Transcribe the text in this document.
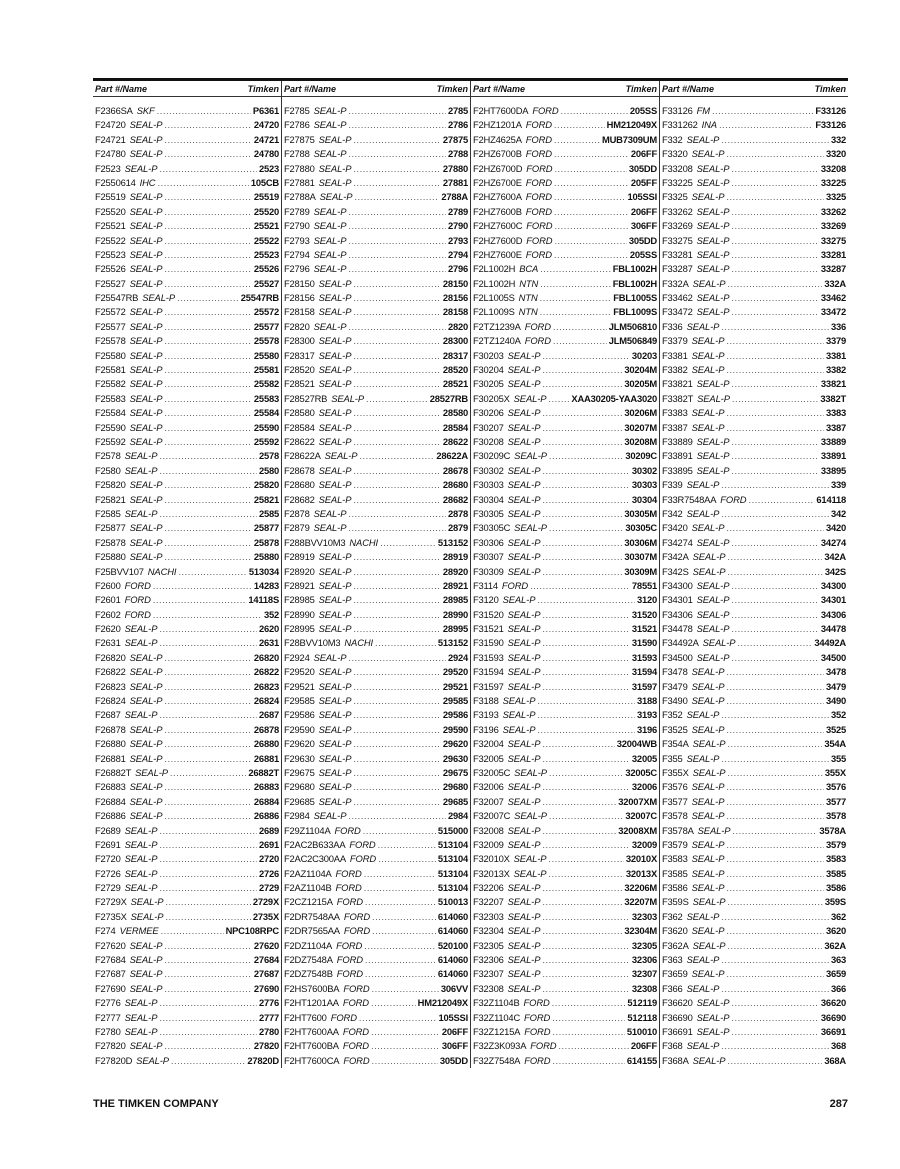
Part #/Name	Timken
F2366SA SKF .....	P6361
F24720 SEAL-P .....	24720
F24721 SEAL-P .....	24721
F24780 SEAL-P .....	24780
F2523 SEAL-P .....	2523
F2550614 IHC .....	105CB
F25519 SEAL-P .....	25519
F25520 SEAL-P .....	25520
F25521 SEAL-P .....	25521
F25522 SEAL-P .....	25522
F25523 SEAL-P .....	25523
F25526 SEAL-P .....	25526
F25527 SEAL-P .....	25527
F25547RB SEAL-P .....	25547RB
F25572 SEAL-P .....	25572
F25577 SEAL-P .....	25577
F25578 SEAL-P .....	25578
F25580 SEAL-P .....	25580
F25581 SEAL-P .....	25581
F25582 SEAL-P .....	25582
F25583 SEAL-P .....	25583
F25584 SEAL-P .....	25584
F25590 SEAL-P .....	25590
F25592 SEAL-P .....	25592
F2578 SEAL-P .....	2578
F2580 SEAL-P .....	2580
F25820 SEAL-P .....	25820
F25821 SEAL-P .....	25821
F2585 SEAL-P .....	2585
F25877 SEAL-P .....	25877
F25878 SEAL-P .....	25878
F25880 SEAL-P .....	25880
F25BVV107 NACHI .....	513034
F2600 FORD .....	14283
F2601 FORD .....	14118S
F2602 FORD .....	352
F2620 SEAL-P .....	2620
F2631 SEAL-P .....	2631
F26820 SEAL-P .....	26820
F26822 SEAL-P .....	26822
F26823 SEAL-P .....	26823
F26824 SEAL-P .....	26824
F2687 SEAL-P .....	2687
F26878 SEAL-P .....	26878
F26880 SEAL-P .....	26880
F26881 SEAL-P .....	26881
F26882T SEAL-P .....	26882T
F26883 SEAL-P .....	26883
F26884 SEAL-P .....	26884
F26886 SEAL-P .....	26886
F2689 SEAL-P .....	2689
F2691 SEAL-P .....	2691
F2720 SEAL-P .....	2720
F2726 SEAL-P .....	2726
F2729 SEAL-P .....	2729
F2729X SEAL-P .....	2729X
F2735X SEAL-P .....	2735X
F274 VERMEE .....	NPC108RPC
F27620 SEAL-P .....	27620
F27684 SEAL-P .....	27684
F27687 SEAL-P .....	27687
F27690 SEAL-P .....	27690
F2776 SEAL-P .....	2776
F2777 SEAL-P .....	2777
F2780 SEAL-P .....	2780
F27820 SEAL-P .....	27820
F27820D SEAL-P .....	27820D
Part #/Name	Timken
F2785 SEAL-P .....	2785
F2786 SEAL-P .....	2786
F27875 SEAL-P .....	27875
F2788 SEAL-P .....	2788
F27880 SEAL-P .....	27880
F27881 SEAL-P .....	27881
F2788A SEAL-P .....	2788A
F2789 SEAL-P .....	2789
F2790 SEAL-P .....	2790
F2793 SEAL-P .....	2793
F2794 SEAL-P .....	2794
F2796 SEAL-P .....	2796
F28150 SEAL-P .....	28150
F28156 SEAL-P .....	28156
F28158 SEAL-P .....	28158
F2820 SEAL-P .....	2820
F28300 SEAL-P .....	28300
F28317 SEAL-P .....	28317
F28520 SEAL-P .....	28520
F28521 SEAL-P .....	28521
F28527RB SEAL-P .....	28527RB
F28580 SEAL-P .....	28580
F28584 SEAL-P .....	28584
F28622 SEAL-P .....	28622
F28622A SEAL-P .....	28622A
F28678 SEAL-P .....	28678
F28680 SEAL-P .....	28680
F28682 SEAL-P .....	28682
F2878 SEAL-P .....	2878
F2879 SEAL-P .....	2879
F288BVV10M3 NACHI .....	513152
F28919 SEAL-P .....	28919
F28920 SEAL-P .....	28920
F28921 SEAL-P .....	28921
F28985 SEAL-P .....	28985
F28990 SEAL-P .....	28990
F28995 SEAL-P .....	28995
F28BVV10M3 NACHI .....	513152
F2924 SEAL-P .....	2924
F29520 SEAL-P .....	29520
F29521 SEAL-P .....	29521
F29585 SEAL-P .....	29585
F29586 SEAL-P .....	29586
F29590 SEAL-P .....	29590
F29620 SEAL-P .....	29620
F29630 SEAL-P .....	29630
F29675 SEAL-P .....	29675
F29680 SEAL-P .....	29680
F29685 SEAL-P .....	29685
F2984 SEAL-P .....	2984
F29Z1104A FORD .....	515000
F2AC2B633AA FORD .....	513104
F2AC2C300AA FORD .....	513104
F2AZ1104A FORD .....	513104
F2AZ1104B FORD .....	513104
F2CZ1215A FORD .....	510013
F2DR7548AA FORD .....	614060
F2DR7565AA FORD .....	614060
F2DZ1104A FORD .....	520100
F2DZ7548A FORD .....	614060
F2DZ7548B FORD .....	614060
F2HS7600BA FORD .....	306VV
F2HT1201AA FORD .....	HM212049X
F2HT7600 FORD .....	105SSI
F2HT7600AA FORD .....	206FF
F2HT7600BA FORD .....	306FF
F2HT7600CA FORD .....	305DD
Part #/Name	Timken
F2HT7600DA FORD .....	205SS
F2HZ1201A FORD .....	HM212049X
F2HZ4625A FORD .....	MUB7309UM
F2HZ6700B FORD .....	206FF
F2HZ6700D FORD .....	305DD
F2HZ6700E FORD .....	205FF
F2HZ7600A FORD .....	105SSI
F2HZ7600B FORD .....	206FF
F2HZ7600C FORD .....	306FF
F2HZ7600D FORD .....	305DD
F2HZ7600E FORD .....	205SS
F2L1002H BCA .....	FBL1002H
F2L1002H NTN .....	FBL1002H
F2L1005S NTN .....	FBL1005S
F2L1009S NTN .....	FBL1009S
F2TZ1239A FORD .....	JLM506810
F2TZ1240A FORD .....	JLM506849
F30203 SEAL-P .....	30203
F30204 SEAL-P .....	30204M
F30205 SEAL-P .....	30205M
F30205X SEAL-P .....	XAA30205-YAA3020
F30206 SEAL-P .....	30206M
F30207 SEAL-P .....	30207M
F30208 SEAL-P .....	30208M
F30209C SEAL-P .....	30209C
F30302 SEAL-P .....	30302
F30303 SEAL-P .....	30303
F30304 SEAL-P .....	30304
F30305 SEAL-P .....	30305M
F30305C SEAL-P .....	30305C
F30306 SEAL-P .....	30306M
F30307 SEAL-P .....	30307M
F30309 SEAL-P .....	30309M
F3114 FORD .....	78551
F3120 SEAL-P .....	3120
F31520 SEAL-P .....	31520
F31521 SEAL-P .....	31521
F31590 SEAL-P .....	31590
F31593 SEAL-P .....	31593
F31594 SEAL-P .....	31594
F31597 SEAL-P .....	31597
F3188 SEAL-P .....	3188
F3193 SEAL-P .....	3193
F3196 SEAL-P .....	3196
F32004 SEAL-P .....	32004WB
F32005 SEAL-P .....	32005
F32005C SEAL-P .....	32005C
F32006 SEAL-P .....	32006
F32007 SEAL-P .....	32007XM
F32007C SEAL-P .....	32007C
F32008 SEAL-P .....	32008XM
F32009 SEAL-P .....	32009
F32010X SEAL-P .....	32010X
F32013X SEAL-P .....	32013X
F32206 SEAL-P .....	32206M
F32207 SEAL-P .....	32207M
F32303 SEAL-P .....	32303
F32304 SEAL-P .....	32304M
F32305 SEAL-P .....	32305
F32306 SEAL-P .....	32306
F32307 SEAL-P .....	32307
F32308 SEAL-P .....	32308
F32Z1104B FORD .....	512119
F32Z1104C FORD .....	512118
F32Z1215A FORD .....	510010
F32Z3K093A FORD .....	206FF
F32Z7548A FORD .....	614155
Part #/Name	Timken
F33126 FM .....	F33126
F331262 INA .....	F33126
F332 SEAL-P .....	332
F3320 SEAL-P .....	3320
F33208 SEAL-P .....	33208
F33225 SEAL-P .....	33225
F3325 SEAL-P .....	3325
F33262 SEAL-P .....	33262
F33269 SEAL-P .....	33269
F33275 SEAL-P .....	33275
F33281 SEAL-P .....	33281
F33287 SEAL-P .....	33287
F332A SEAL-P .....	332A
F33462 SEAL-P .....	33462
F33472 SEAL-P .....	33472
F336 SEAL-P .....	336
F3379 SEAL-P .....	3379
F3381 SEAL-P .....	3381
F3382 SEAL-P .....	3382
F33821 SEAL-P .....	33821
F3382T SEAL-P .....	3382T
F3383 SEAL-P .....	3383
F3387 SEAL-P .....	3387
F33889 SEAL-P .....	33889
F33891 SEAL-P .....	33891
F33895 SEAL-P .....	33895
F339 SEAL-P .....	339
F33R7548AA FORD .....	614118
F342 SEAL-P .....	342
F3420 SEAL-P .....	3420
F34274 SEAL-P .....	34274
F342A SEAL-P .....	342A
F342S SEAL-P .....	342S
F34300 SEAL-P .....	34300
F34301 SEAL-P .....	34301
F34306 SEAL-P .....	34306
F34478 SEAL-P .....	34478
F34492A SEAL-P .....	34492A
F34500 SEAL-P .....	34500
F3478 SEAL-P .....	3478
F3479 SEAL-P .....	3479
F3490 SEAL-P .....	3490
F352 SEAL-P .....	352
F3525 SEAL-P .....	3525
F354A SEAL-P .....	354A
F355 SEAL-P .....	355
F355X SEAL-P .....	355X
F3576 SEAL-P .....	3576
F3577 SEAL-P .....	3577
F3578 SEAL-P .....	3578
F3578A SEAL-P .....	3578A
F3579 SEAL-P .....	3579
F3583 SEAL-P .....	3583
F3585 SEAL-P .....	3585
F3586 SEAL-P .....	3586
F359S SEAL-P .....	359S
F362 SEAL-P .....	362
F3620 SEAL-P .....	3620
F362A SEAL-P .....	362A
F363 SEAL-P .....	363
F3659 SEAL-P .....	3659
F366 SEAL-P .....	366
F36620 SEAL-P .....	36620
F36690 SEAL-P .....	36690
F36691 SEAL-P .....	36691
F368 SEAL-P .....	368
F368A SEAL-P .....	368A
THE TIMKEN COMPANY	287
